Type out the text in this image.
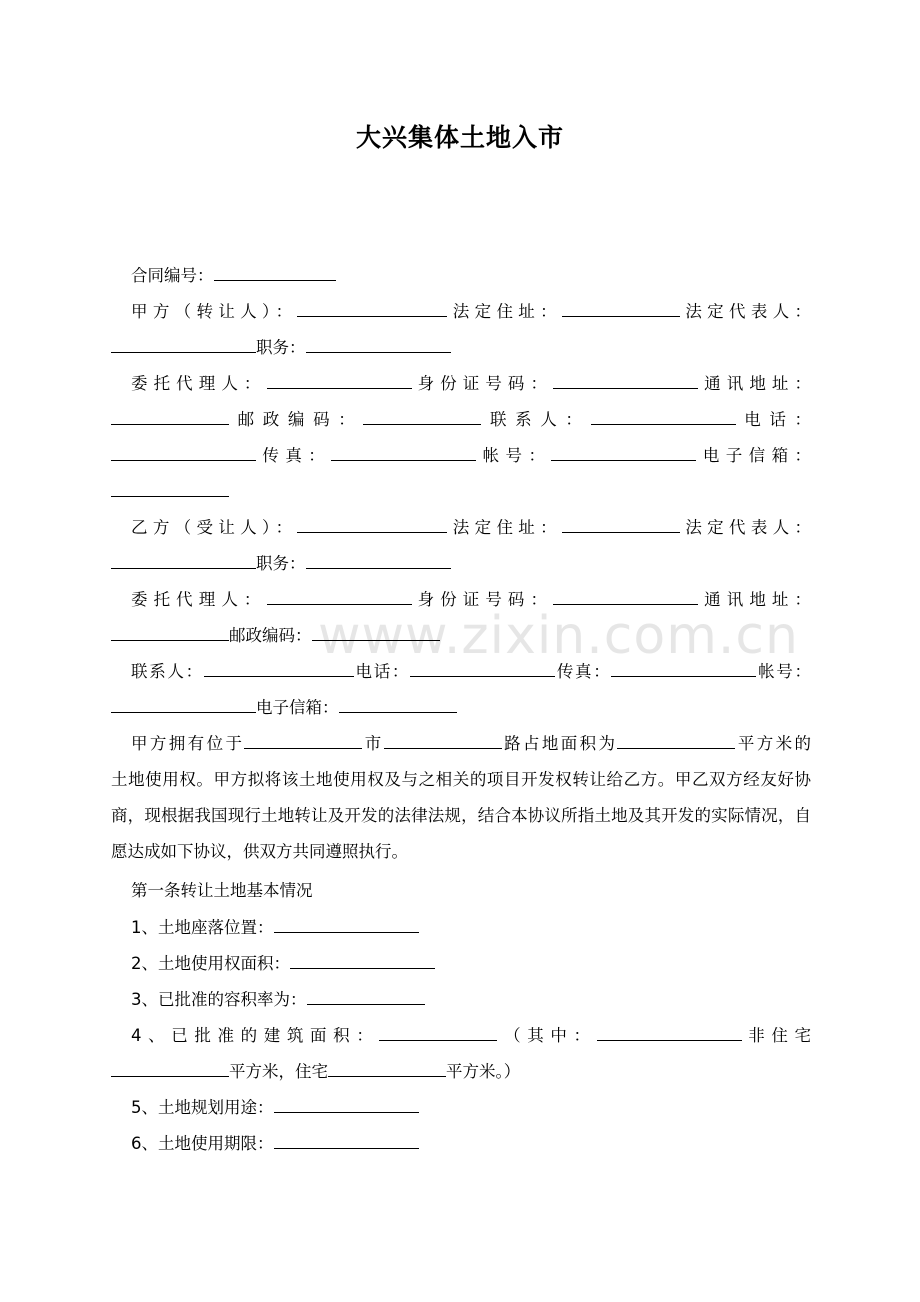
大兴集体土地入市
www.zixin.com.cn
合同编号：
甲方（转让人）：	法定住址：	法定代表人：
职务：
委托代理人：	身份证号码：	通讯地址：
邮政编码：	联系人：	电话：
传真：	帐号：	电子信箱：
乙方（受让人）：	法定住址：	法定代表人：
职务：
委托代理人：	身份证号码：	通讯地址：
邮政编码：
联系人：	电话：	传真：	帐号：
电子信箱：
甲方拥有位于	市	路占地面积为	平方米的
土地使用权。甲方拟将该土地使用权及与之相关的项目开发权转让给乙方。甲乙双方经友好协商，现根据我国现行土地转让及开发的法律法规，结合本协议所指土地及其开发的实际情况，自愿达成如下协议，供双方共同遵照执行。
第一条转让土地基本情况
1、土地座落位置：
2、土地使用权面积：
3、已批准的容积率为：
4、已批准的建筑面积：	（其中：	非住宅
平方米，住宅	平方米。）
5、土地规划用途：
6、土地使用期限：
